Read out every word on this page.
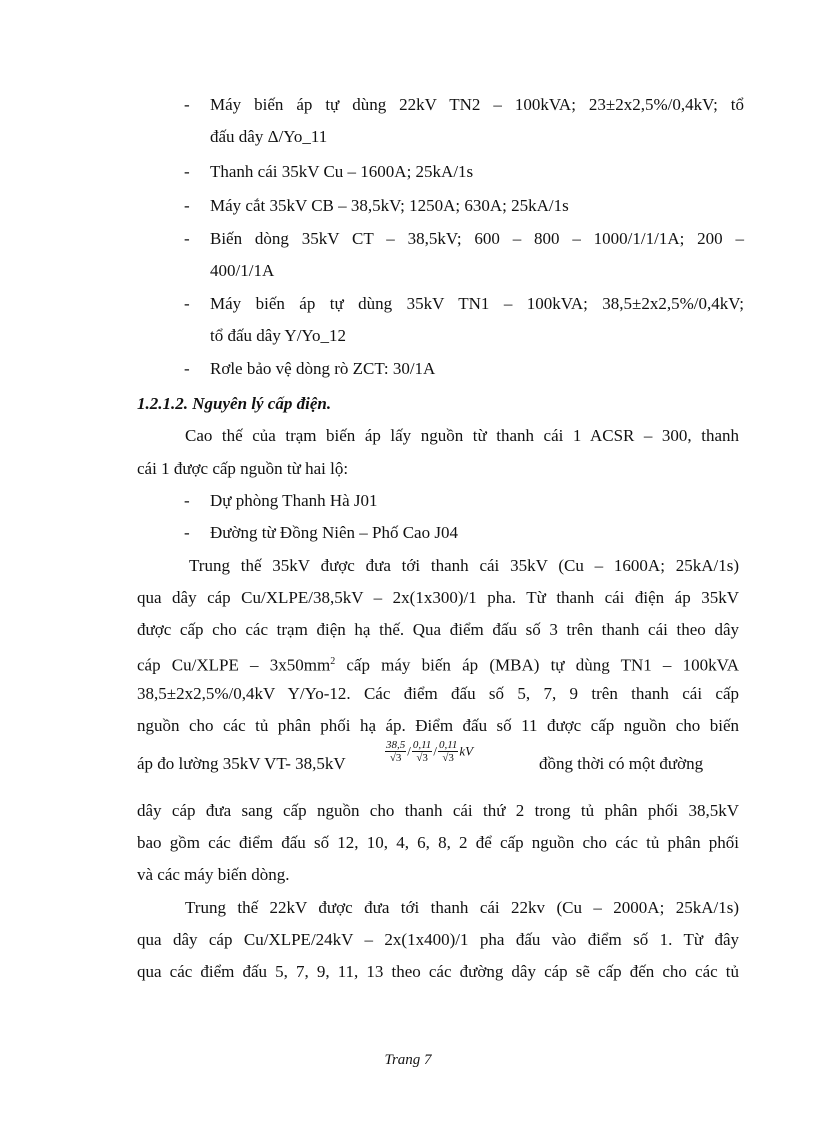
- Máy biến áp tự dùng 22kV TN2 – 100kVA; 23±2x2,5%/0,4kV; tổ
đấu dây Δ/Yo_11
- Thanh cái 35kV Cu – 1600A; 25kA/1s
- Máy cắt 35kV CB – 38,5kV; 1250A; 630A; 25kA/1s
- Biến dòng 35kV CT – 38,5kV; 600 – 800 – 1000/1/1/1A; 200 –
400/1/1A
- Máy biến áp tự dùng 35kV TN1 – 100kVA; 38,5±2x2,5%/0,4kV;
tổ đấu dây Y/Yo_12
- Rơle bảo vệ dòng rò ZCT: 30/1A
1.2.1.2. Nguyên lý cấp điện.
Cao thế của trạm biến áp lấy nguồn từ thanh cái 1 ACSR – 300, thanh
cái 1 được cấp nguồn từ hai lộ:
- Dự phòng Thanh Hà J01
- Đường từ Đồng Niên – Phố Cao J04
Trung thế 35kV được đưa tới thanh cái 35kV (Cu – 1600A; 25kA/1s)
qua dây cáp Cu/XLPE/38,5kV – 2x(1x300)/1 pha. Từ thanh cái điện áp 35kV
được cấp cho các trạm điện hạ thế. Qua điểm đấu số 3 trên thanh cái theo dây
cáp Cu/XLPE – $3x50mm^2$ cấp máy biến áp (MBA) tự dùng TN1 – 100kVA
38,5±2x2,5%/0,4kV Y/Yo-12. Các điểm đấu số 5, 7, 9 trên thanh cái cấp
nguồn cho các tủ phân phối hạ áp. Điểm đấu số 11 được cấp nguồn cho biến
áp đo lường 35kV VT- 38,5kV	$\frac{38,5}{√3} / \frac{0,11}{√3} / \frac{0,11}{√3}$ kV
đồng thời có một đường
dây cáp đưa sang cấp nguồn cho thanh cái thứ 2 trong tủ phân phối 38,5kV
bao gồm các điểm đấu số 12, 10, 4, 6, 8, 2 để cấp nguồn cho các tủ phân phối
và các máy biến dòng.
Trung thế 22kV được đưa tới thanh cái 22kv (Cu – 2000A; 25kA/1s)
qua dây cáp Cu/XLPE/24kV – 2x(1x400)/1 pha đấu vào điểm số 1. Từ đây
qua các điểm đấu 5, 7, 9, 11, 13 theo các đường dây cáp sẽ cấp đến cho các tủ
Trang 7
